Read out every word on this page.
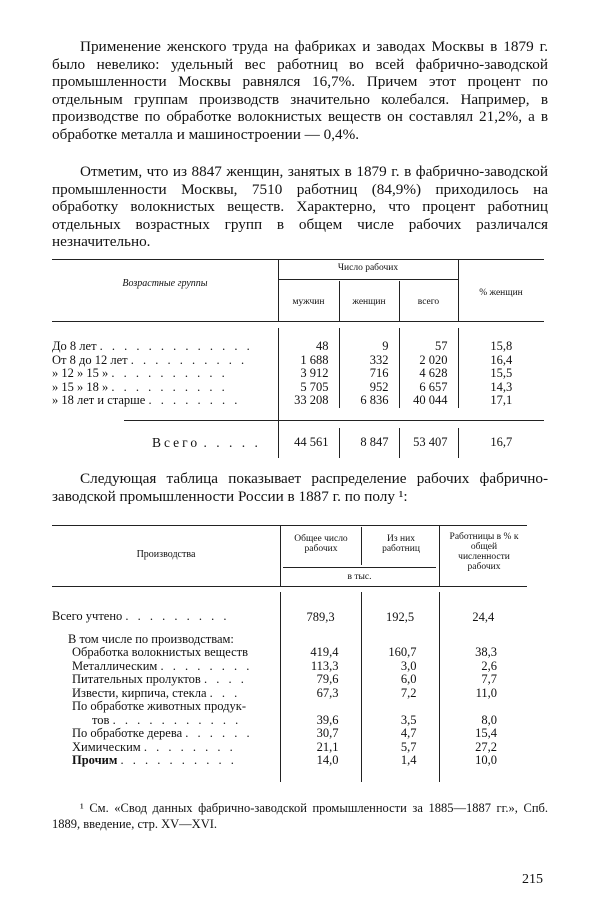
Применение женского труда на фабриках и заводах Москвы в 1879 г. было невелико: удельный вес работниц во всей фабрично-заводской промышленности Москвы равнялся 16,7%. Причем этот процент по отдельным группам производств значительно колебался. Например, в производстве по обработке волокнистых веществ он составлял 21,2%, а в обработке металла и машиностроении — 0,4%.

Отметим, что из 8847 женщин, занятых в 1879 г. в фабрично-заводской промышленности Москвы, 7510 работниц (84,9%) приходилось на обработку волокнистых веществ. Характерно, что процент работниц отдельных возрастных групп в общем числе рабочих различался незначительно.

Возрастные группы
Число рабочих
мужчин	женщин	всего
% женщин

До 8 лет . . . . . . . . . . . . .	48	9	57	15,8
От 8 до 12 лет . . . . . . . . . .	1 688	332	2 020	16,4
» 12 » 15 » . . . . . . . . . .	3 912	716	4 628	15,5
» 15 » 18 » . . . . . . . . . .	5 705	952	6 657	14,3
» 18 лет и старше . . . . . . . .	33 208	6 836	40 044	17,1

Всего . . . . .	44 561	8 847	53 407	16,7

Следующая таблица показывает распределение рабочих фабрично-заводской промышленности России в 1887 г. по полу ¹:

Производства
Общее число рабочих
Из них работниц
в тыс.
Работницы в % к общей численности рабочих

Всего учтено . . . . . . . . .	789,3	192,5	24,4
В том числе по производствам:			
Обработка волокнистых веществ	419,4	160,7	38,3
Металлическим . . . . . . . .	113,3	3,0	2,6
Питательных пролуктов . . . .	79,6	6,0	7,7
Извести, кирпича, стекла . . .	67,3	7,2	11,0
По обработке животных продук-			
тов . . . . . . . . . . .	39,6	3,5	8,0
По обработке дерева . . . . . .	30,7	4,7	15,4
Химическим . . . . . . . .	21,1	5,7	27,2
Прочим . . . . . . . . . .	14,0	1,4	10,0

¹ См. «Свод данных фабрично-заводской промышленности за 1885—1887 гг.», Спб. 1889, введение, стр. XV—XVI.
215
